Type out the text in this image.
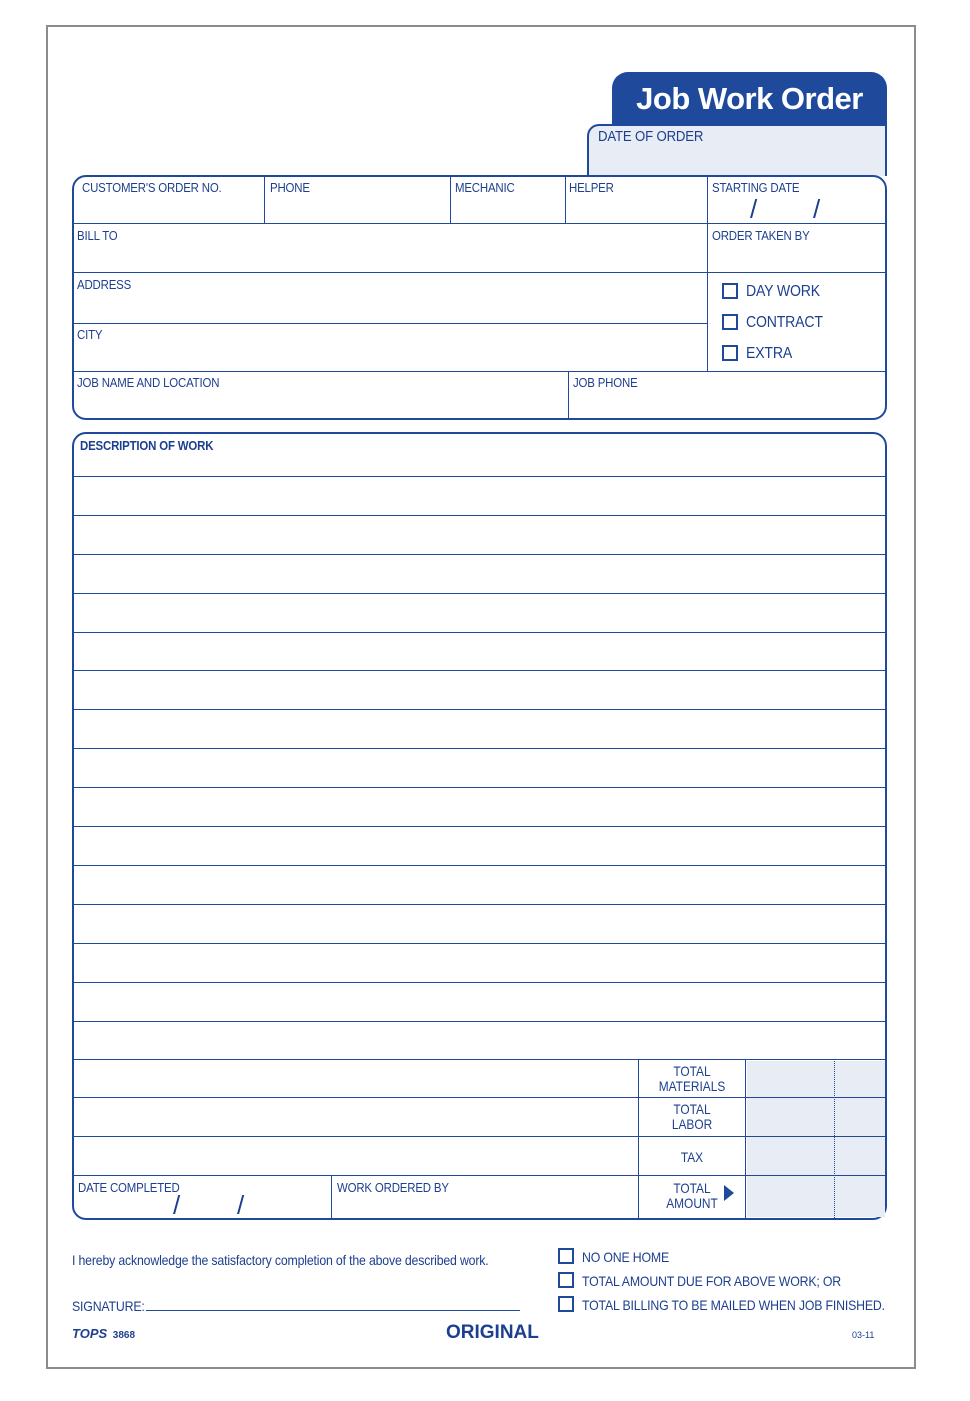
Job Work Order
DATE OF ORDER
CUSTOMER'S ORDER NO.	PHONE	MECHANIC	HELPER	STARTING DATE
/ /
BILL TO	ORDER TAKEN BY
ADDRESS
CITY
JOB NAME AND LOCATION	JOB PHONE
DAY WORK
CONTRACT
EXTRA
DESCRIPTION OF WORK
TOTAL
MATERIALS
TOTAL
LABOR
TAX
TOTAL
AMOUNT
DATE COMPLETED
/ /
WORK ORDERED BY
I hereby acknowledge the satisfactory completion of the above described work.
SIGNATURE:
NO ONE HOME
TOTAL AMOUNT DUE FOR ABOVE WORK; OR
TOTAL BILLING TO BE MAILED WHEN JOB FINISHED.
TOPS 3868	ORIGINAL	03-11
